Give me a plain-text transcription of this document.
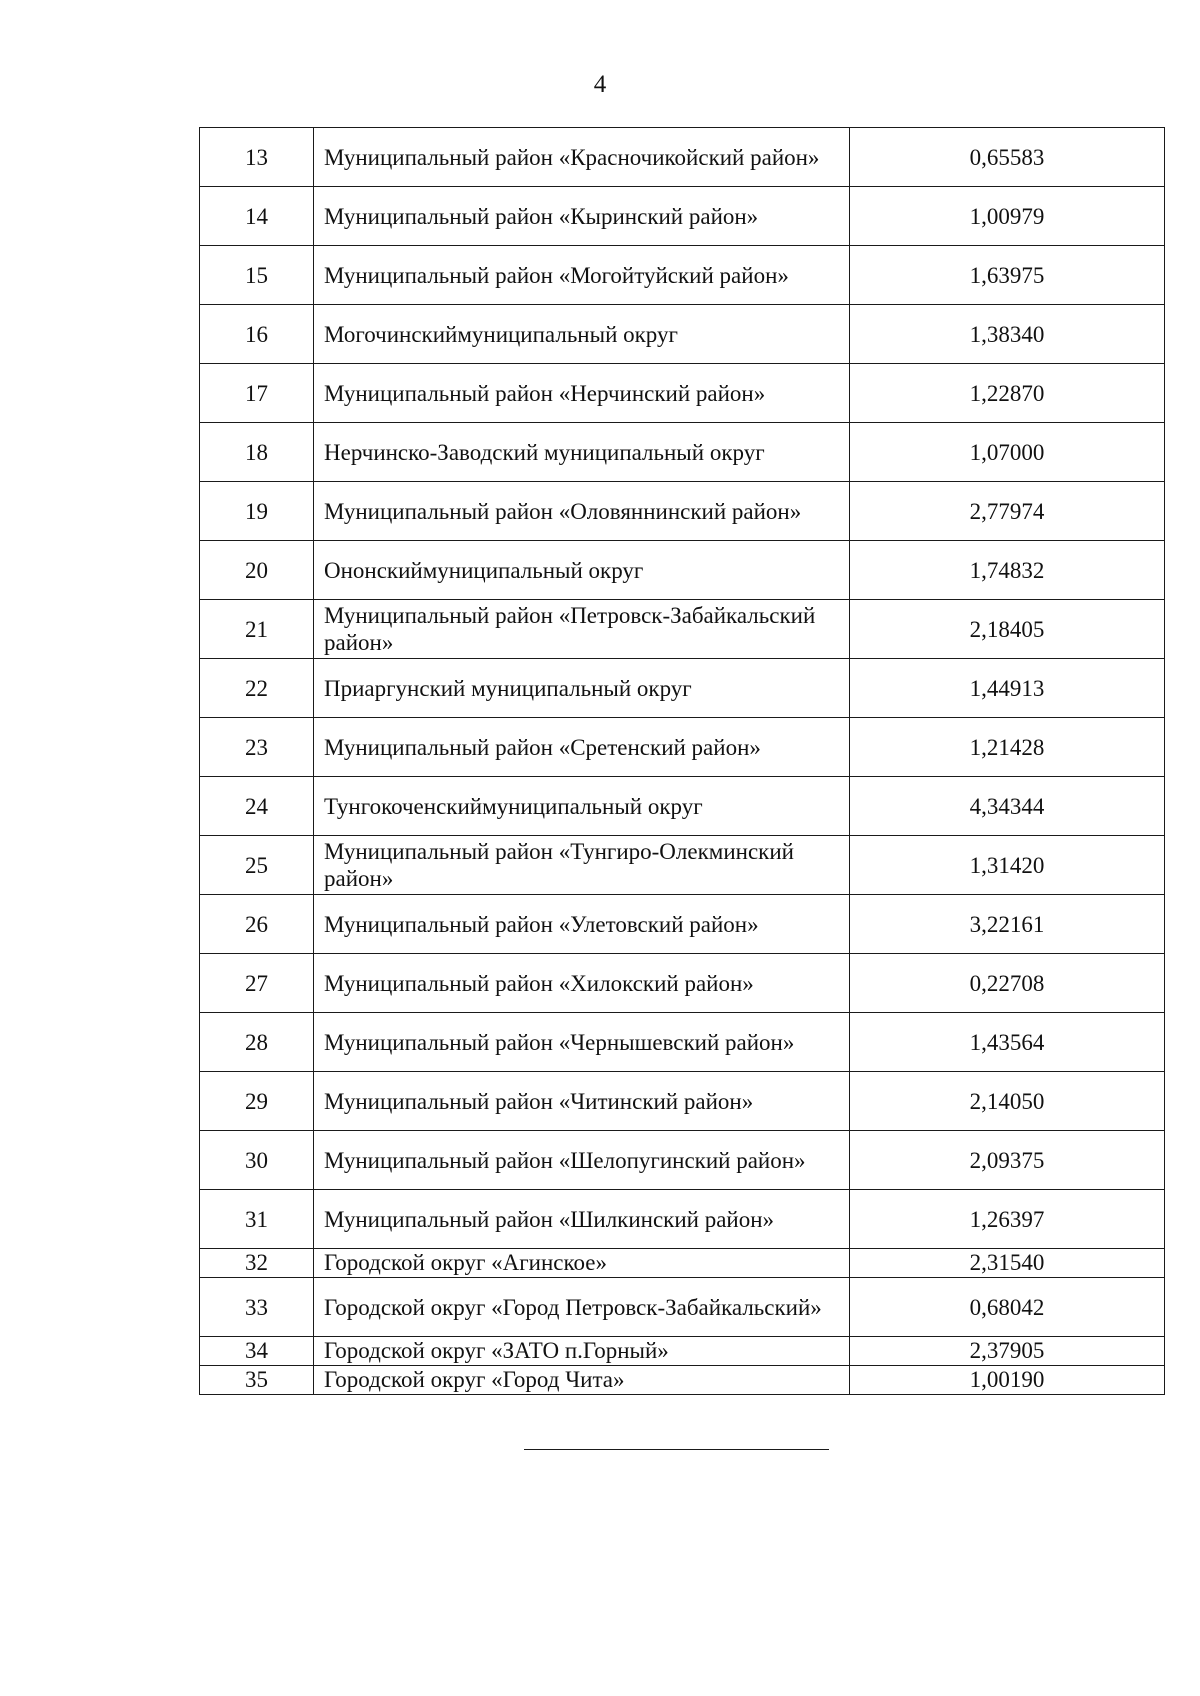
4
13	Муниципальный район «Красночикойский район»	0,65583
14	Муниципальный район «Кыринский район»	1,00979
15	Муниципальный район «Могойтуйский район»	1,63975
16	Могочинскиймуниципальный округ	1,38340
17	Муниципальный район «Нерчинский район»	1,22870
18	Нерчинско-Заводский муниципальный округ	1,07000
19	Муниципальный район «Оловяннинский район»	2,77974
20	Ононскиймуниципальный округ	1,74832
21	Муниципальный район «Петровск-Забайкальский район»	2,18405
22	Приаргунский муниципальный округ	1,44913
23	Муниципальный район «Сретенский район»	1,21428
24	Тунгокоченскиймуниципальный округ	4,34344
25	Муниципальный район «Тунгиро-Олекминский район»	1,31420
26	Муниципальный район «Улетовский район»	3,22161
27	Муниципальный район «Хилокский район»	0,22708
28	Муниципальный район «Чернышевский район»	1,43564
29	Муниципальный район «Читинский район»	2,14050
30	Муниципальный район «Шелопугинский район»	2,09375
31	Муниципальный район «Шилкинский район»	1,26397
32	Городской округ «Агинское»	2,31540
33	Городской округ «Город Петровск-Забайкальский»	0,68042
34	Городской округ «ЗАТО п.Горный»	2,37905
35	Городской округ «Город Чита»	1,00190
